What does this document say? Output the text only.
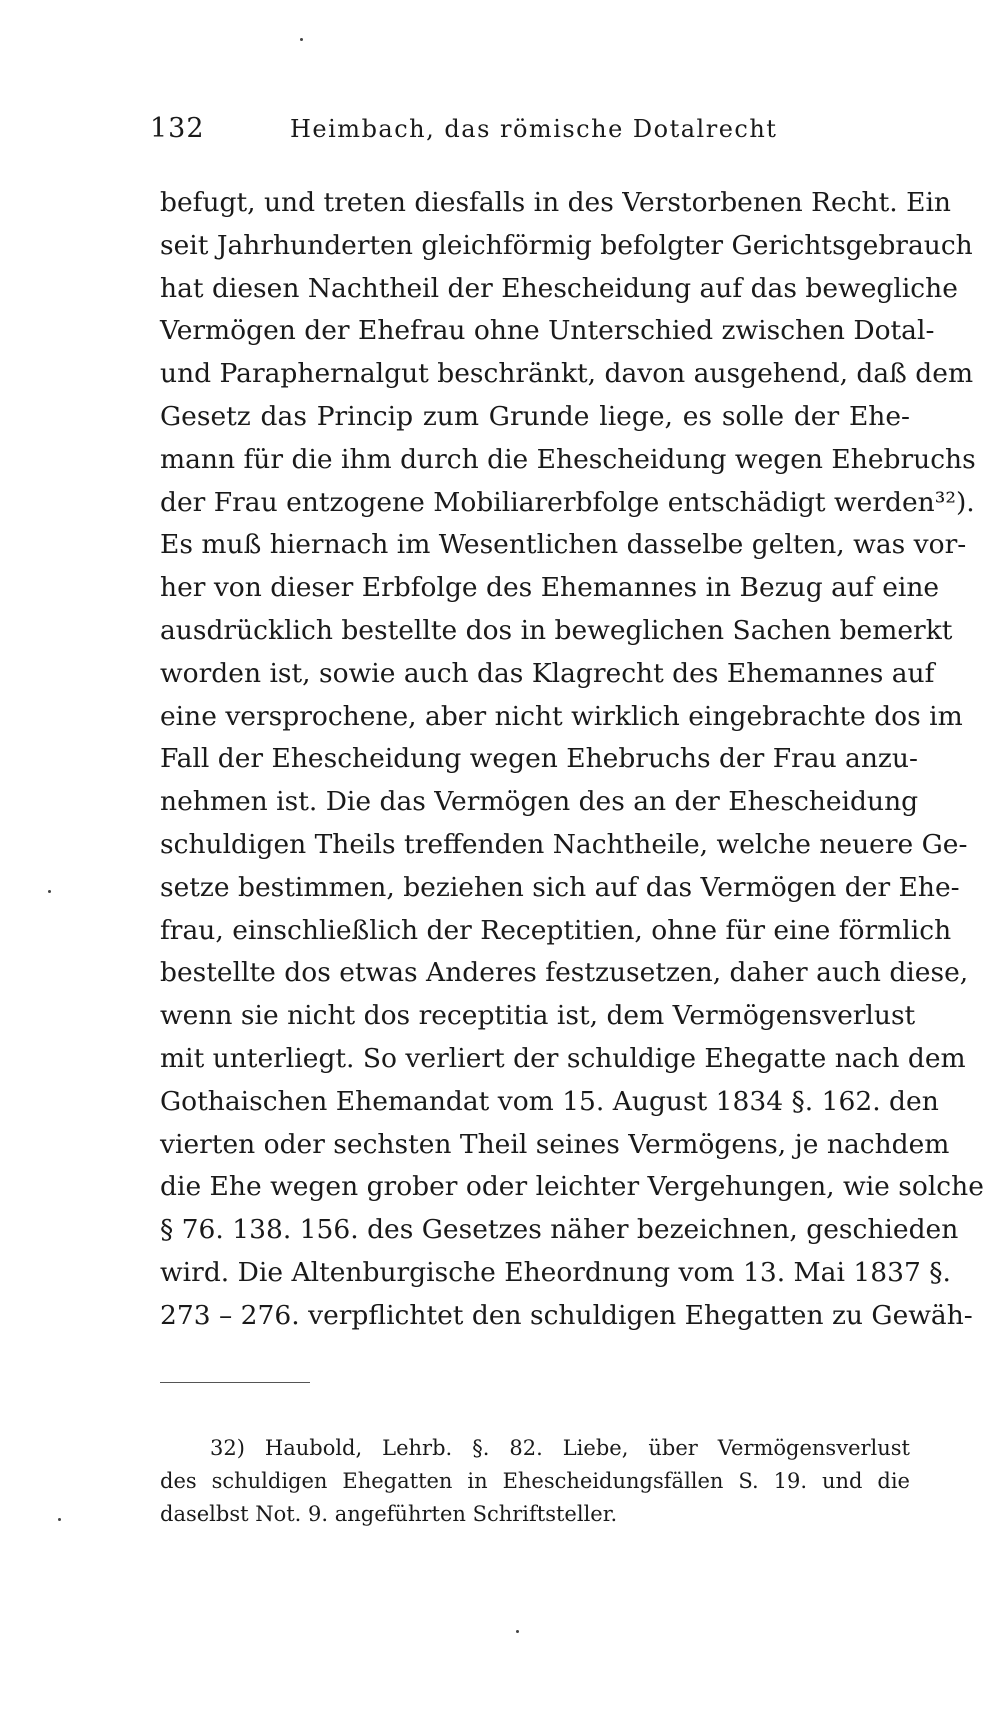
132	Heimbach, das römische Dotalrecht
befugt, und treten diesfalls in des Verstorbenen Recht. Ein
seit Jahrhunderten gleichförmig befolgter Gerichtsgebrauch
hat diesen Nachtheil der Ehescheidung auf das bewegliche
Vermögen der Ehefrau ohne Unterschied zwischen Dotal-
und Paraphernalgut beschränkt, davon ausgehend, daß dem
Gesetz das Princip zum Grunde liege, es solle der Ehe-
mann für die ihm durch die Ehescheidung wegen Ehebruchs
der Frau entzogene Mobiliarerbfolge entschädigt werden³²).
Es muß hiernach im Wesentlichen dasselbe gelten, was vor-
her von dieser Erbfolge des Ehemannes in Bezug auf eine
ausdrücklich bestellte dos in beweglichen Sachen bemerkt
worden ist, sowie auch das Klagrecht des Ehemannes auf
eine versprochene, aber nicht wirklich eingebrachte dos im
Fall der Ehescheidung wegen Ehebruchs der Frau anzu-
nehmen ist. Die das Vermögen des an der Ehescheidung
schuldigen Theils treffenden Nachtheile, welche neuere Ge-
setze bestimmen, beziehen sich auf das Vermögen der Ehe-
frau, einschließlich der Receptitien, ohne für eine förmlich
bestellte dos etwas Anderes festzusetzen, daher auch diese,
wenn sie nicht dos receptitia ist, dem Vermögensverlust
mit unterliegt. So verliert der schuldige Ehegatte nach dem
Gothaischen Ehemandat vom 15. August 1834 §. 162. den
vierten oder sechsten Theil seines Vermögens, je nachdem
die Ehe wegen grober oder leichter Vergehungen, wie solche
§ 76. 138. 156. des Gesetzes näher bezeichnen, geschieden
wird. Die Altenburgische Eheordnung vom 13. Mai 1837 §.
273 – 276. verpflichtet den schuldigen Ehegatten zu Gewäh-
32) Haubold, Lehrb. §. 82. Liebe, über Vermögensverlust
des schuldigen Ehegatten in Ehescheidungsfällen S. 19. und die
daselbst Not. 9. angeführten Schriftsteller.
